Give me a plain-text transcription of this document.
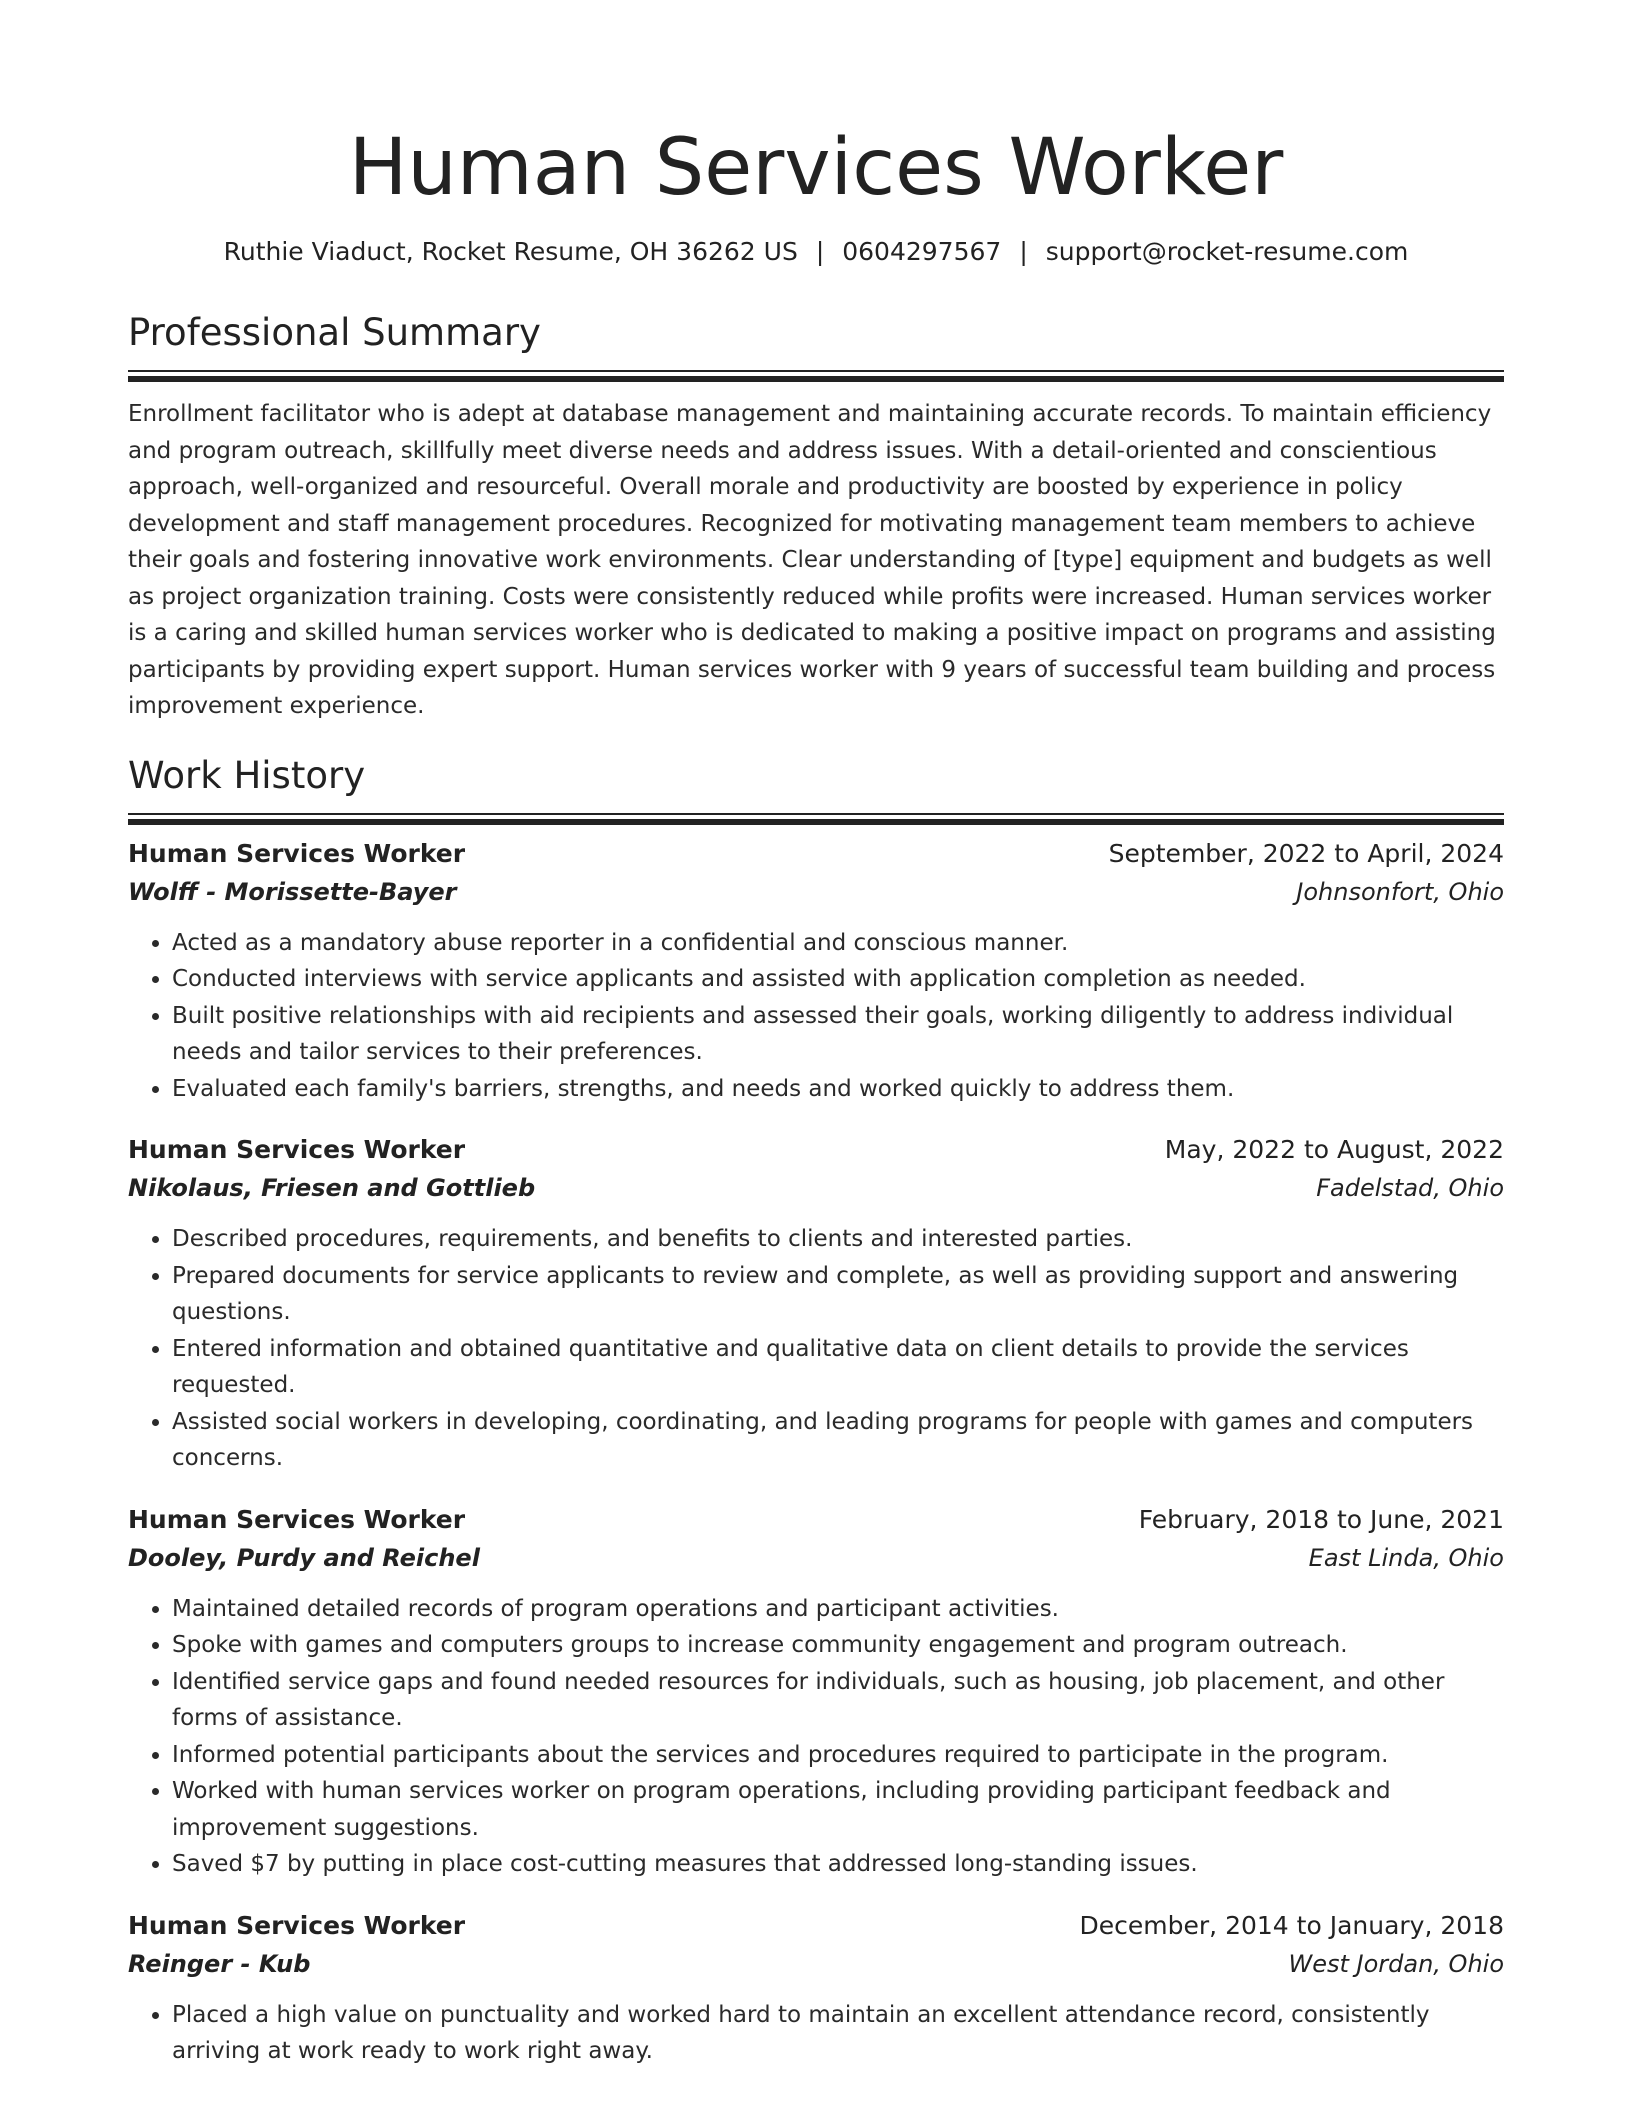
Human Services Worker
Ruthie Viaduct, Rocket Resume, OH 36262 US | 0604297567 | support@rocket-resume.com
Professional Summary

Enrollment facilitator who is adept at database management and maintaining accurate records. To maintain efficiency and program outreach, skillfully meet diverse needs and address issues. With a detail-oriented and conscientious approach, well-organized and resourceful. Overall morale and productivity are boosted by experience in policy development and staff management procedures. Recognized for motivating management team members to achieve their goals and fostering innovative work environments. Clear understanding of [type] equipment and budgets as well as project organization training. Costs were consistently reduced while profits were increased. Human services worker is a caring and skilled human services worker who is dedicated to making a positive impact on programs and assisting participants by providing expert support. Human services worker with 9 years of successful team building and process improvement experience.

Work History
Human Services Worker	September, 2022 to April, 2024
Wolff - Morissette-Bayer	Johnsonfort, Ohio
• Acted as a mandatory abuse reporter in a confidential and conscious manner.
• Conducted interviews with service applicants and assisted with application completion as needed.
• Built positive relationships with aid recipients and assessed their goals, working diligently to address individual needs and tailor services to their preferences.
• Evaluated each family's barriers, strengths, and needs and worked quickly to address them.
Human Services Worker	May, 2022 to August, 2022
Nikolaus, Friesen and Gottlieb	Fadelstad, Ohio
• Described procedures, requirements, and benefits to clients and interested parties.
• Prepared documents for service applicants to review and complete, as well as providing support and answering questions.
• Entered information and obtained quantitative and qualitative data on client details to provide the services requested.
• Assisted social workers in developing, coordinating, and leading programs for people with games and computers concerns.
Human Services Worker	February, 2018 to June, 2021
Dooley, Purdy and Reichel	East Linda, Ohio
• Maintained detailed records of program operations and participant activities.
• Spoke with games and computers groups to increase community engagement and program outreach.
• Identified service gaps and found needed resources for individuals, such as housing, job placement, and other forms of assistance.
• Informed potential participants about the services and procedures required to participate in the program.
• Worked with human services worker on program operations, including providing participant feedback and improvement suggestions.
• Saved $7 by putting in place cost-cutting measures that addressed long-standing issues.
Human Services Worker	December, 2014 to January, 2018
Reinger - Kub	West Jordan, Ohio
• Placed a high value on punctuality and worked hard to maintain an excellent attendance record, consistently arriving at work ready to work right away.
